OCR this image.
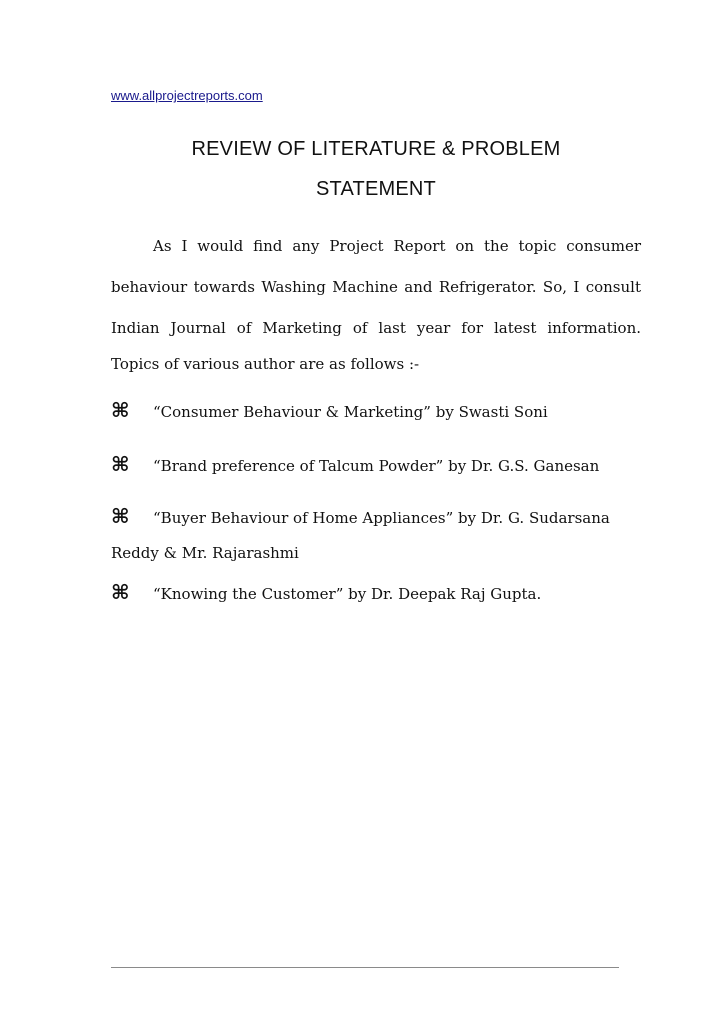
www.allprojectreports.com
REVIEW OF LITERATURE & PROBLEM
STATEMENT
As I would find any Project Report on the topic consumer
behaviour towards Washing Machine and Refrigerator. So, I consult
Indian Journal of Marketing of last year for latest information.
Topics of various author are as follows :-
⌘ “Consumer Behaviour & Marketing” by Swasti Soni
⌘ “Brand preference of Talcum Powder” by Dr. G.S. Ganesan
⌘ “Buyer Behaviour of Home Appliances” by Dr. G. Sudarsana
Reddy & Mr. Rajarashmi
⌘ “Knowing the Customer” by Dr. Deepak Raj Gupta.
